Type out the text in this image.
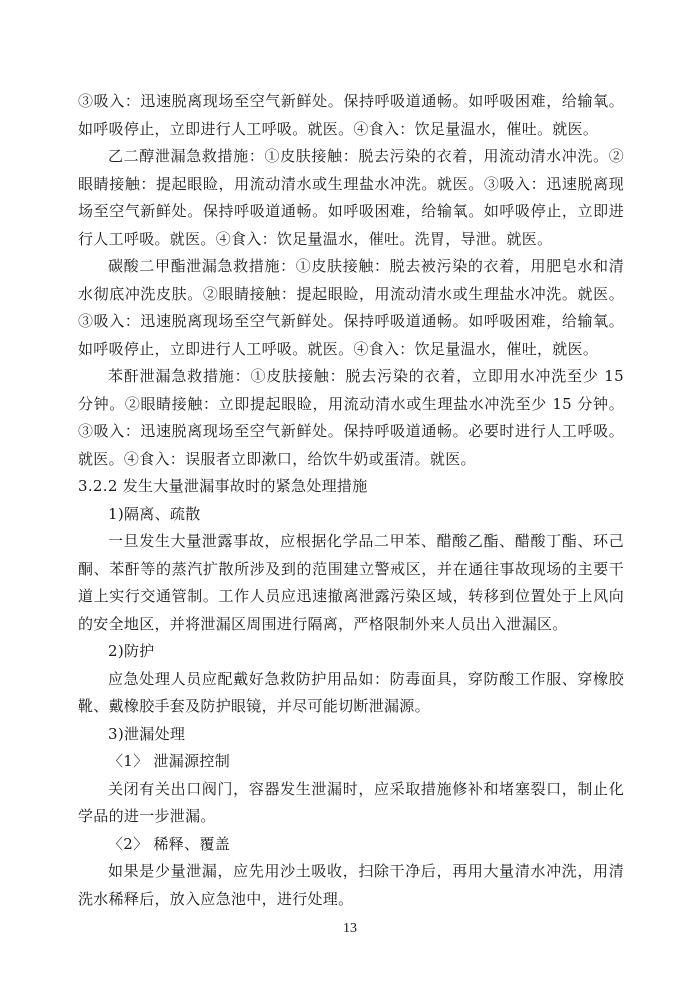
③吸入：迅速脱离现场至空气新鲜处。保持呼吸道通畅。如呼吸困难，给输氧。如呼吸停止，立即进行人工呼吸。就医。④食入：饮足量温水，催吐。就医。

乙二醇泄漏急救措施：①皮肤接触：脱去污染的衣着，用流动清水冲洗。②眼睛接触：提起眼睑，用流动清水或生理盐水冲洗。就医。③吸入：迅速脱离现场至空气新鲜处。保持呼吸道通畅。如呼吸困难，给输氧。如呼吸停止，立即进行人工呼吸。就医。④食入：饮足量温水，催吐。洗胃，导泄。就医。

碳酸二甲酯泄漏急救措施：①皮肤接触：脱去被污染的衣着，用肥皂水和清水彻底冲洗皮肤。②眼睛接触：提起眼睑，用流动清水或生理盐水冲洗。就医。③吸入：迅速脱离现场至空气新鲜处。保持呼吸道通畅。如呼吸困难，给输氧。如呼吸停止，立即进行人工呼吸。就医。④食入：饮足量温水，催吐，就医。

苯酐泄漏急救措施：①皮肤接触：脱去污染的衣着，立即用水冲洗至少 15 分钟。②眼睛接触：立即提起眼睑，用流动清水或生理盐水冲洗至少 15 分钟。③吸入：迅速脱离现场至空气新鲜处。保持呼吸道通畅。必要时进行人工呼吸。就医。④食入：误服者立即漱口，给饮牛奶或蛋清。就医。

3.2.2 发生大量泄漏事故时的紧急处理措施

1)隔离、疏散

一旦发生大量泄露事故，应根据化学品二甲苯、醋酸乙酯、醋酸丁酯、环己酮、苯酐等的蒸汽扩散所涉及到的范围建立警戒区，并在通往事故现场的主要干道上实行交通管制。工作人员应迅速撤离泄露污染区域，转移到位置处于上风向的安全地区，并将泄漏区周围进行隔离，严格限制外来人员出入泄漏区。

2)防护

应急处理人员应配戴好急救防护用品如：防毒面具，穿防酸工作服、穿橡胶靴、戴橡胶手套及防护眼镜，并尽可能切断泄漏源。

3)泄漏处理

〈1〉 泄漏源控制

关闭有关出口阀门，容器发生泄漏时，应采取措施修补和堵塞裂口，制止化学品的进一步泄漏。

〈2〉 稀释、覆盖

如果是少量泄漏，应先用沙土吸收，扫除干净后，再用大量清水冲洗，用清洗水稀释后，放入应急池中，进行处理。

13
